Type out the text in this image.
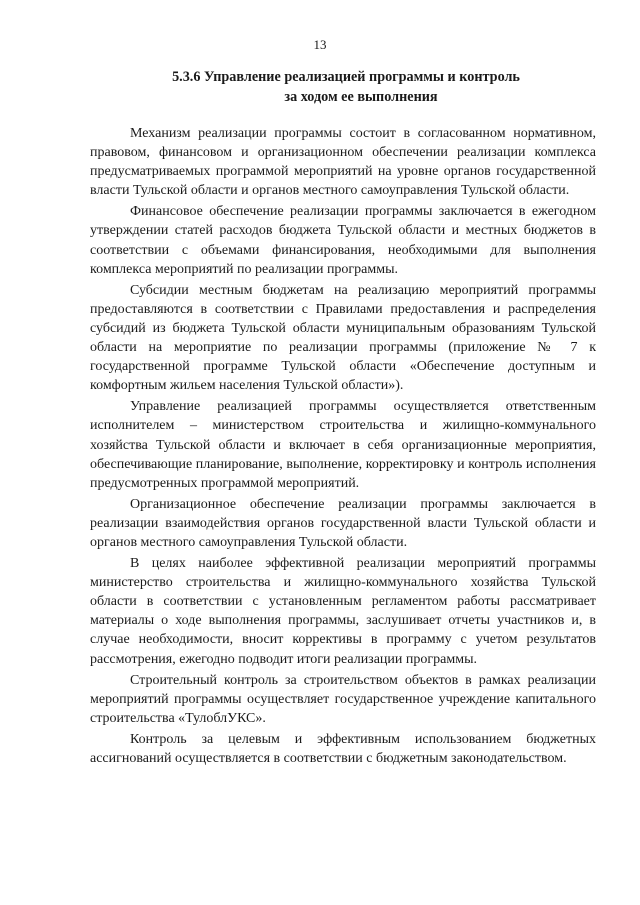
13
5.3.6 Управление реализацией программы и контроль
за ходом ее выполнения

Механизм реализации программы состоит в согласованном нормативном, правовом, финансовом и организационном обеспечении реализации комплекса предусматриваемых программой мероприятий на уровне органов государственной власти Тульской области и органов местного самоуправления Тульской области.

Финансовое обеспечение реализации программы заключается в ежегодном утверждении статей расходов бюджета Тульской области и местных бюджетов в соответствии с объемами финансирования, необходимыми для выполнения комплекса мероприятий по реализации программы.

Субсидии местным бюджетам на реализацию мероприятий программы предоставляются в соответствии с Правилами предоставления и распределения субсидий из бюджета Тульской области муниципальным образованиям Тульской области на мероприятие по реализации программы (приложение № 7 к государственной программе Тульской области «Обеспечение доступным и комфортным жильем населения Тульской области»).

Управление реализацией программы осуществляется ответственным исполнителем – министерством строительства и жилищно-коммунального хозяйства Тульской области и включает в себя организационные мероприятия, обеспечивающие планирование, выполнение, корректировку и контроль исполнения предусмотренных программой мероприятий.

Организационное обеспечение реализации программы заключается в реализации взаимодействия органов государственной власти Тульской области и органов местного самоуправления Тульской области.

В целях наиболее эффективной реализации мероприятий программы министерство строительства и жилищно-коммунального хозяйства Тульской области в соответствии с установленным регламентом работы рассматривает материалы о ходе выполнения программы, заслушивает отчеты участников и, в случае необходимости, вносит коррективы в программу с учетом результатов рассмотрения, ежегодно подводит итоги реализации программы.

Строительный контроль за строительством объектов в рамках реализации мероприятий программы осуществляет государственное учреждение капитального строительства «ТулоблУКС».

Контроль за целевым и эффективным использованием бюджетных ассигнований осуществляется в соответствии с бюджетным законодательством.
